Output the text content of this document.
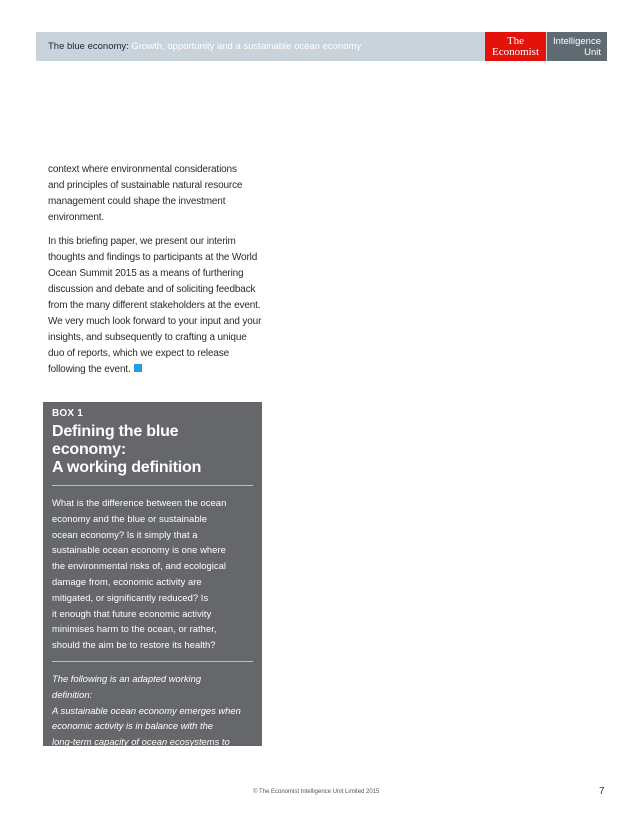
The blue economy: Growth, opportunity and a sustainable ocean economy	The
Economist
Intelligence
Unit
context where environmental considerations
and principles of sustainable natural resource
management could shape the investment
environment.
In this briefing paper, we present our interim
thoughts and findings to participants at the World
Ocean Summit 2015 as a means of furthering
discussion and debate and of soliciting feedback
from the many different stakeholders at the event.
We very much look forward to your input and your
insights, and subsequently to crafting a unique
duo of reports, which we expect to release
following the event.
BOX 1
Defining the blue economy:
A working definition
What is the difference between the ocean
economy and the blue or sustainable
ocean economy? Is it simply that a
sustainable ocean economy is one where
the environmental risks of, and ecological
damage from, economic activity are
mitigated, or significantly reduced? Is
it enough that future economic activity
minimises harm to the ocean, or rather,
should the aim be to restore its health?
The following is an adapted working
definition:
A sustainable ocean economy emerges when
economic activity is in balance with the
long-term capacity of ocean ecosystems to
support this activity and remain resilient
and healthy.
© The Economist Intelligence Unit Limited 2015	7
